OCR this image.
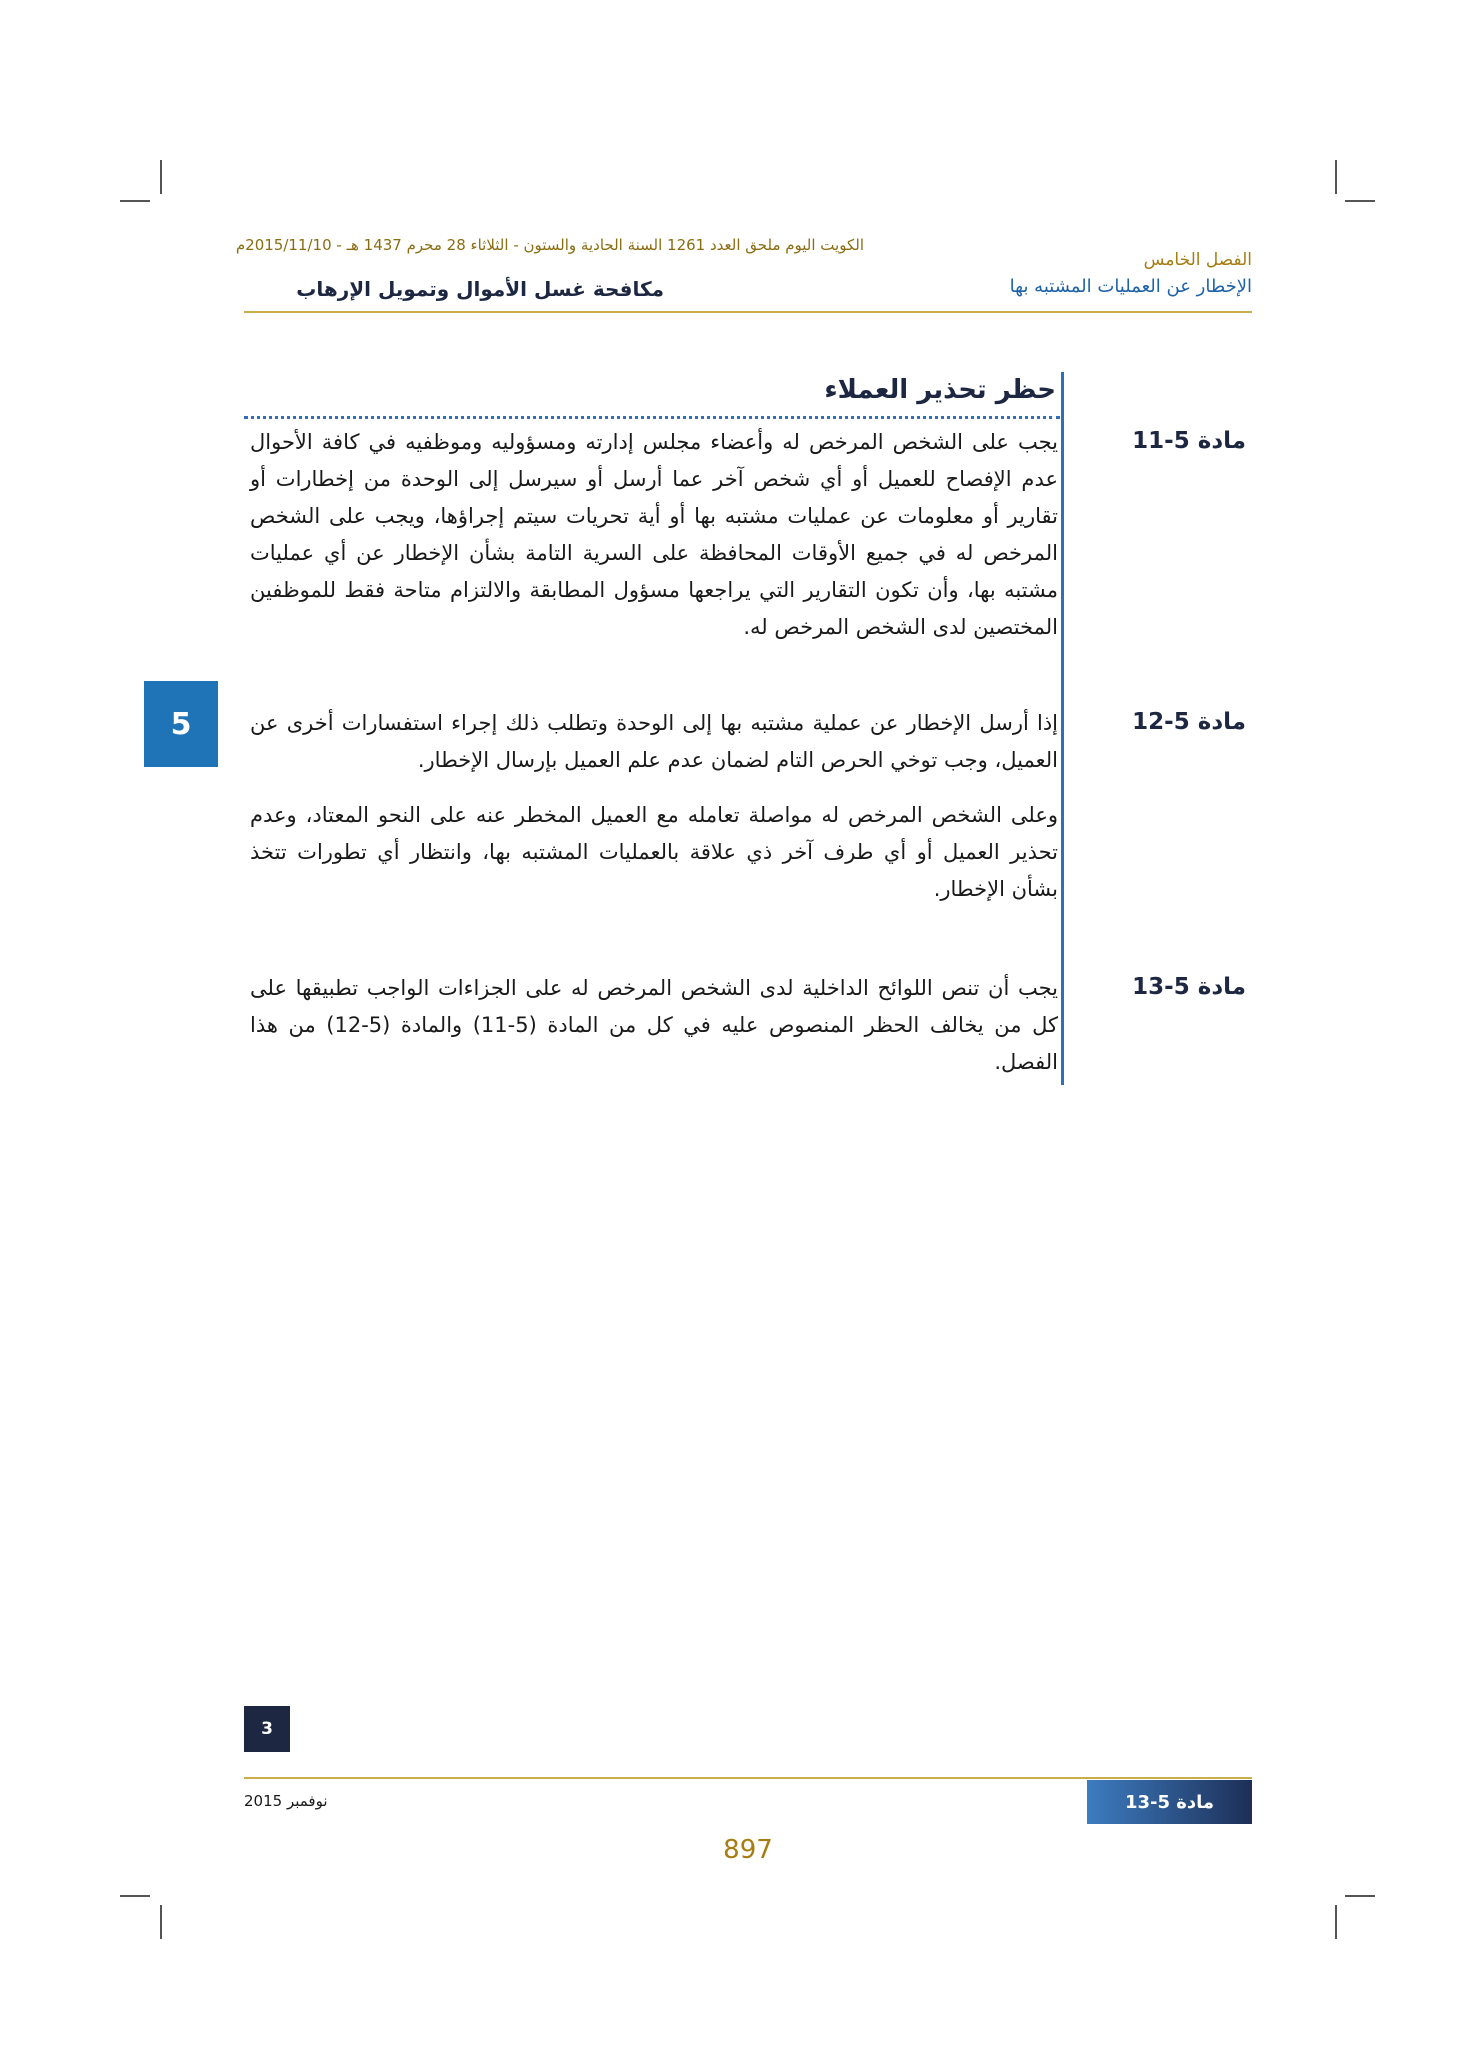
الكويت اليوم ملحق العدد 1261 السنة الحادية والستون - الثلاثاء 28 محرم 1437 هـ - 2015/11/10م
الفصل الخامس
الإخطار عن العمليات المشتبه بها
مكافحة غسل الأموال وتمويل الإرهاب
حظر تحذير العملاء
مادة 5-11

يجب على الشخص المرخص له وأعضاء مجلس إدارته ومسؤوليه وموظفيه في كافة الأحوال عدم الإفصاح للعميل أو أي شخص آخر عما أرسل أو سيرسل إلى الوحدة من إخطارات أو تقارير أو معلومات عن عمليات مشتبه بها أو أية تحريات سيتم إجراؤها، ويجب على الشخص المرخص له في جميع الأوقات المحافظة على السرية التامة بشأن الإخطار عن أي عمليات مشتبه بها، وأن تكون التقارير التي يراجعها مسؤول المطابقة والالتزام متاحة فقط للموظفين المختصين لدى الشخص المرخص له.

مادة 5-12

إذا أرسل الإخطار عن عملية مشتبه بها إلى الوحدة وتطلب ذلك إجراء استفسارات أخرى عن العميل، وجب توخي الحرص التام لضمان عدم علم العميل بإرسال الإخطار.

وعلى الشخص المرخص له مواصلة تعامله مع العميل المخطر عنه على النحو المعتاد، وعدم تحذير العميل أو أي طرف آخر ذي علاقة بالعمليات المشتبه بها، وانتظار أي تطورات تتخذ بشأن الإخطار.

مادة 5-13

يجب أن تنص اللوائح الداخلية لدى الشخص المرخص له على الجزاءات الواجب تطبيقها على كل من يخالف الحظر المنصوص عليه في كل من المادة (5-11) والمادة (5-12) من هذا الفصل.

5
3
نوفمبر 2015	مادة 5-13
897
